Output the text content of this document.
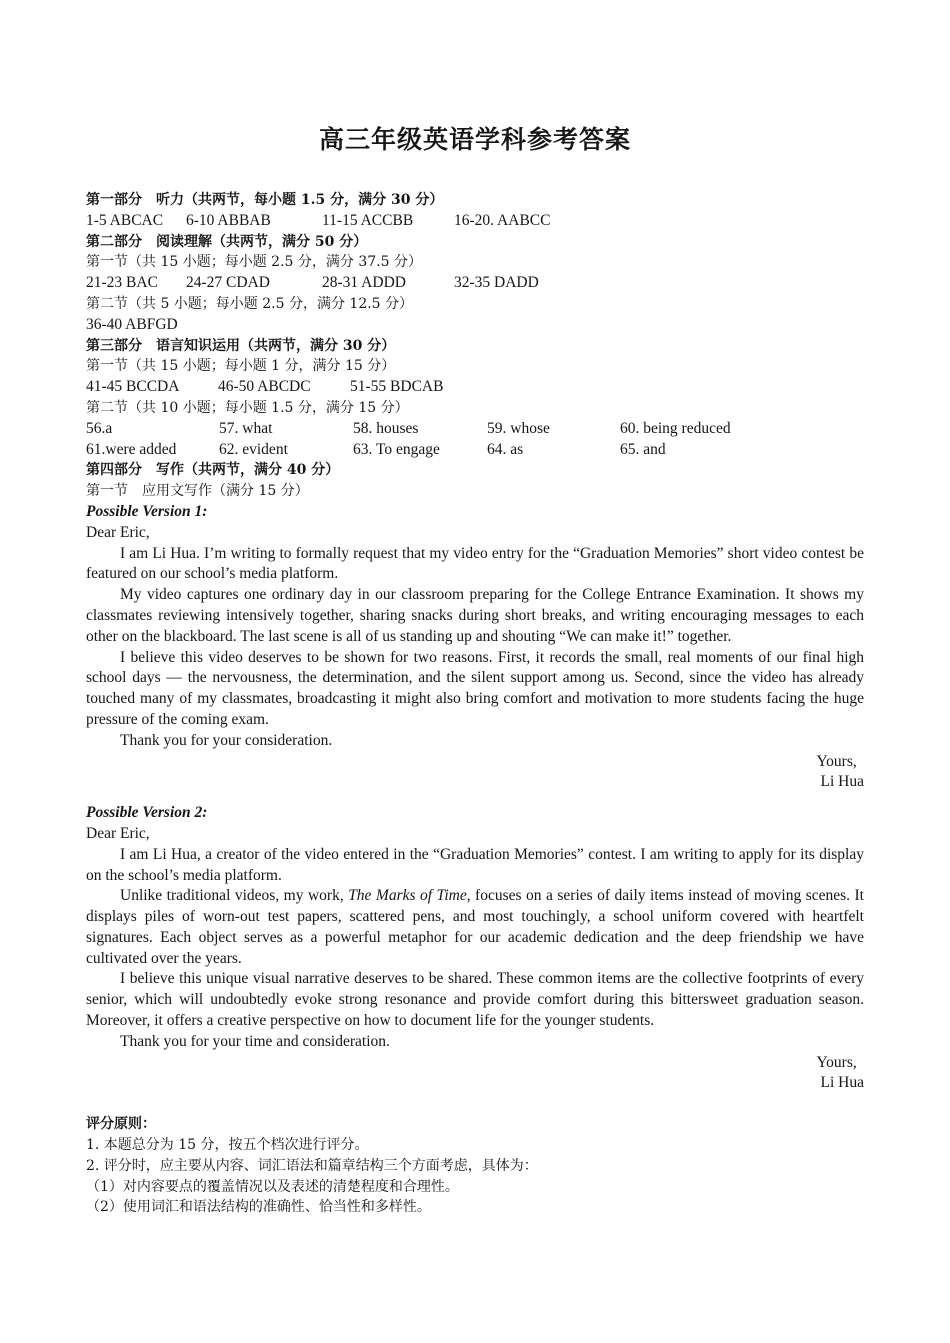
高三年级英语学科参考答案
第一部分　听力（共两节，每小题 1.5 分，满分 30 分）
1-5 ABCAC	6-10 ABBAB	11-15 ACCBB	16-20. AABCC
第二部分　阅读理解（共两节，满分 50 分）
第一节（共 15 小题；每小题 2.5 分，满分 37.5 分）
21-23 BAC	24-27 CDAD	28-31 ADDD	32-35 DADD
第二节（共 5 小题；每小题 2.5 分，满分 12.5 分）
36-40 ABFGD
第三部分　语言知识运用（共两节，满分 30 分）
第一节（共 15 小题；每小题 1 分，满分 15 分）
41-45 BCCDA	46-50 ABCDC	51-55 BDCAB
第二节（共 10 小题；每小题 1.5 分，满分 15 分）
56.a	57. what	58. houses	59. whose	60. being reduced
61.were added	62. evident	63. To engage	64. as	65. and
第四部分　写作（共两节，满分 40 分）
第一节　应用文写作（满分 15 分）
Possible Version 1:
Dear Eric,
I am Li Hua. I’m writing to formally request that my video entry for the “Graduation Memories” short video contest be featured on our school’s media platform.
My video captures one ordinary day in our classroom preparing for the College Entrance Examination. It shows my classmates reviewing intensively together, sharing snacks during short breaks, and writing encouraging messages to each other on the blackboard. The last scene is all of us standing up and shouting “We can make it!” together.
I believe this video deserves to be shown for two reasons. First, it records the small, real moments of our final high school days — the nervousness, the determination, and the silent support among us. Second, since the video has already touched many of my classmates, broadcasting it might also bring comfort and motivation to more students facing the huge pressure of the coming exam.
Thank you for your consideration.
Yours,
Li Hua
Possible Version 2:
Dear Eric,
I am Li Hua, a creator of the video entered in the “Graduation Memories” contest. I am writing to apply for its display on the school’s media platform.
Unlike traditional videos, my work, The Marks of Time, focuses on a series of daily items instead of moving scenes. It displays piles of worn-out test papers, scattered pens, and most touchingly, a school uniform covered with heartfelt signatures. Each object serves as a powerful metaphor for our academic dedication and the deep friendship we have cultivated over the years.
I believe this unique visual narrative deserves to be shared. These common items are the collective footprints of every senior, which will undoubtedly evoke strong resonance and provide comfort during this bittersweet graduation season. Moreover, it offers a creative perspective on how to document life for the younger students.
Thank you for your time and consideration.
Yours,
Li Hua
评分原则：
1. 本题总分为 15 分，按五个档次进行评分。
2. 评分时，应主要从内容、词汇语法和篇章结构三个方面考虑，具体为：
（1）对内容要点的覆盖情况以及表述的清楚程度和合理性。
（2）使用词汇和语法结构的准确性、恰当性和多样性。
